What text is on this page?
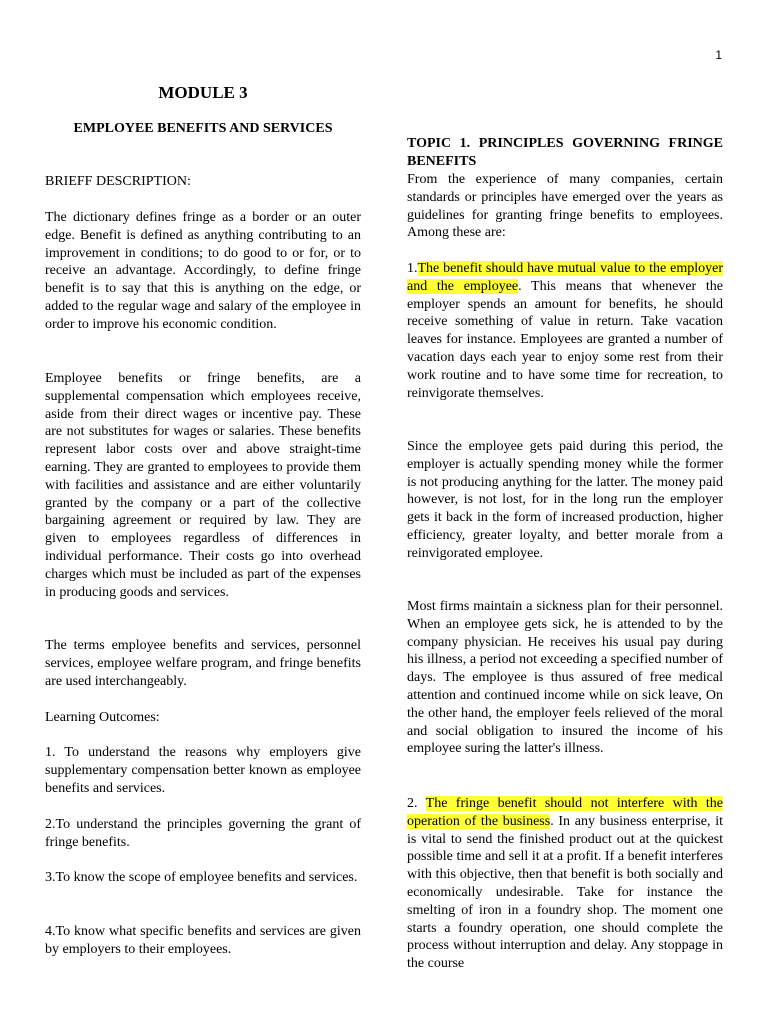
1
MODULE 3
EMPLOYEE BENEFITS AND SERVICES

BRIEFF DESCRIPTION:

The dictionary defines fringe as a border or an outer edge. Benefit is defined as anything contributing to an improvement in conditions; to do good to or for, or to receive an advantage. Accordingly, to define fringe benefit is to say that this is anything on the edge, or added to the regular wage and salary of the employee in order to improve his economic condition.

Employee benefits or fringe benefits, are a supplemental compensation which employees receive, aside from their direct wages or incentive pay. These are not substitutes for wages or salaries. These benefits represent labor costs over and above straight-time earning. They are granted to employees to provide them with facilities and assistance and are either voluntarily granted by the company or a part of the collective bargaining agreement or required by law. They are given to employees regardless of differences in individual performance. Their costs go into overhead charges which must be included as part of the expenses in producing goods and services.

The terms employee benefits and services, personnel services, employee welfare program, and fringe benefits are used interchangeably.

Learning Outcomes:

1. To understand the reasons why employers give supplementary compensation better known as employee benefits and services.

2.To understand the principles governing the grant of fringe benefits.

3.To know the scope of employee benefits and services.

4.To know what specific benefits and services are given by employers to their employees.

TOPIC 1. PRINCIPLES GOVERNING FRINGE BENEFITS

From the experience of many companies, certain standards or principles have emerged over the years as guidelines for granting fringe benefits to employees. Among these are:

1.The benefit should have mutual value to the employer and the employee. This means that whenever the employer spends an amount for benefits, he should receive something of value in return. Take vacation leaves for instance. Employees are granted a number of vacation days each year to enjoy some rest from their work routine and to have some time for recreation, to reinvigorate themselves.

Since the employee gets paid during this period, the employer is actually spending money while the former is not producing anything for the latter. The money paid however, is not lost, for in the long run the employer gets it back in the form of increased production, higher efficiency, greater loyalty, and better morale from a reinvigorated employee.

Most firms maintain a sickness plan for their personnel. When an employee gets sick, he is attended to by the company physician. He receives his usual pay during his illness, a period not exceeding a specified number of days. The employee is thus assured of free medical attention and continued income while on sick leave, On the other hand, the employer feels relieved of the moral and social obligation to insured the income of his employee suring the latter's illness.

2. The fringe benefit should not interfere with the operation of the business. In any business enterprise, it is vital to send the finished product out at the quickest possible time and sell it at a profit. If a benefit interferes with this objective, then that benefit is both socially and economically undesirable. Take for instance the smelting of iron in a foundry shop. The moment one starts a foundry operation, one should complete the process without interruption and delay. Any stoppage in the course
